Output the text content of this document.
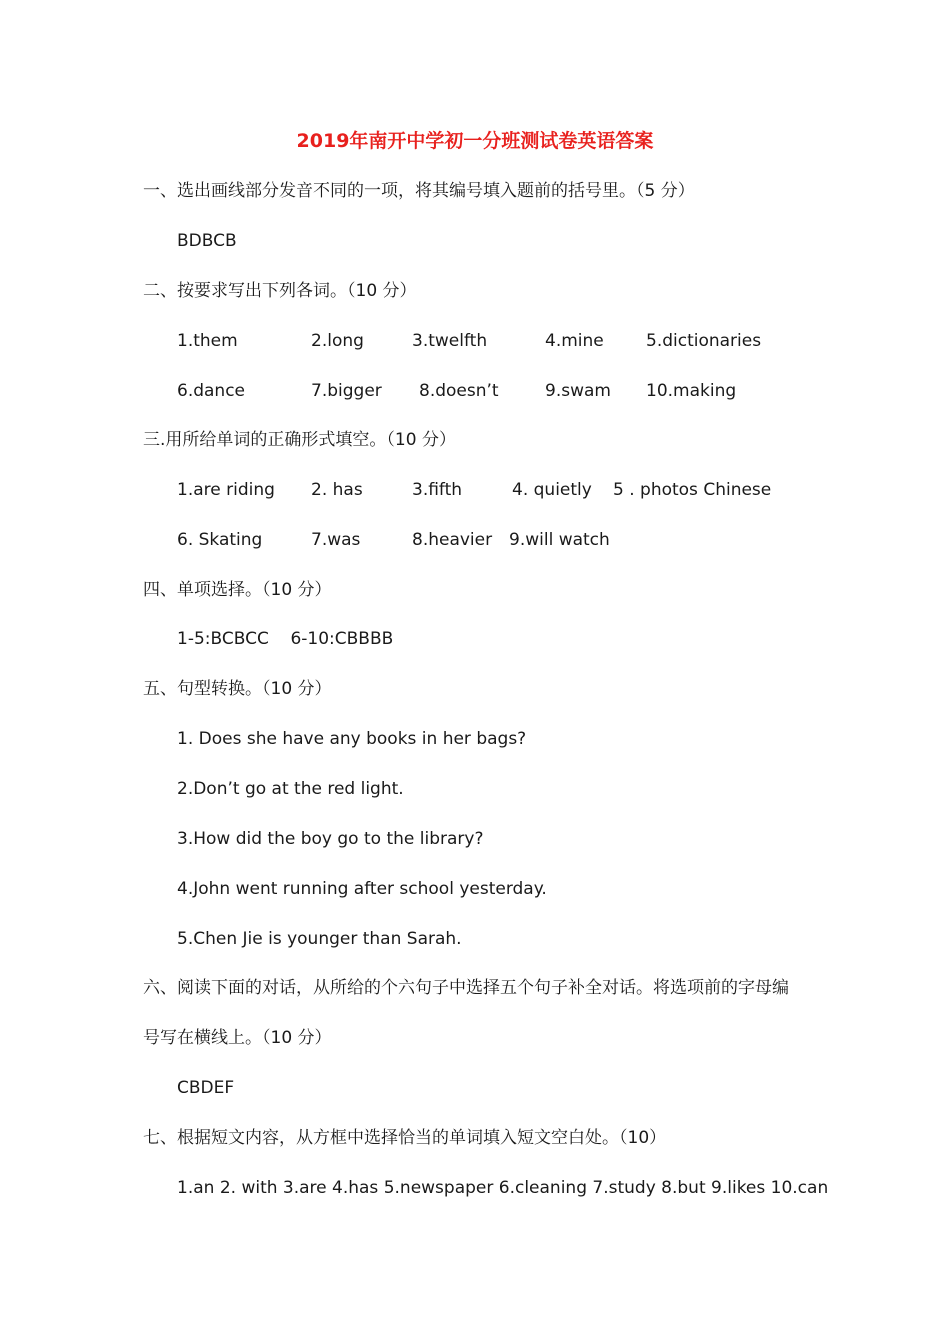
2019年南开中学初一分班测试卷英语答案
一、选出画线部分发音不同的一项，将其编号填入题前的括号里。（5 分）
BDBCB
二、按要求写出下列各词。（10 分）
1.them	2.long	3.twelfth	4.mine 5.dictionaries
6.dance	7.bigger 8.doesn’t	9.swam 10.making
三.用所给单词的正确形式填空。（10 分）
1.are riding 2. has	3.fifth	4. quietly 5 . photos Chinese
6. Skating	7.was	8.heavier 9.will watch
四、单项选择。（10 分）
1-5:BCBCC    6-10:CBBBB
五、句型转换。（10 分）
1. Does she have any books in her bags?
2.Don’t go at the red light.
3.How did the boy go to the library?
4.John went running after school yesterday.
5.Chen Jie is younger than Sarah.
六、阅读下面的对话，从所给的个六句子中选择五个句子补全对话。将选项前的字母编
号写在横线上。（10 分）
CBDEF
七、根据短文内容，从方框中选择恰当的单词填入短文空白处。（10）
1.an 2. with 3.are 4.has 5.newspaper 6.cleaning 7.study 8.but 9.likes 10.can
